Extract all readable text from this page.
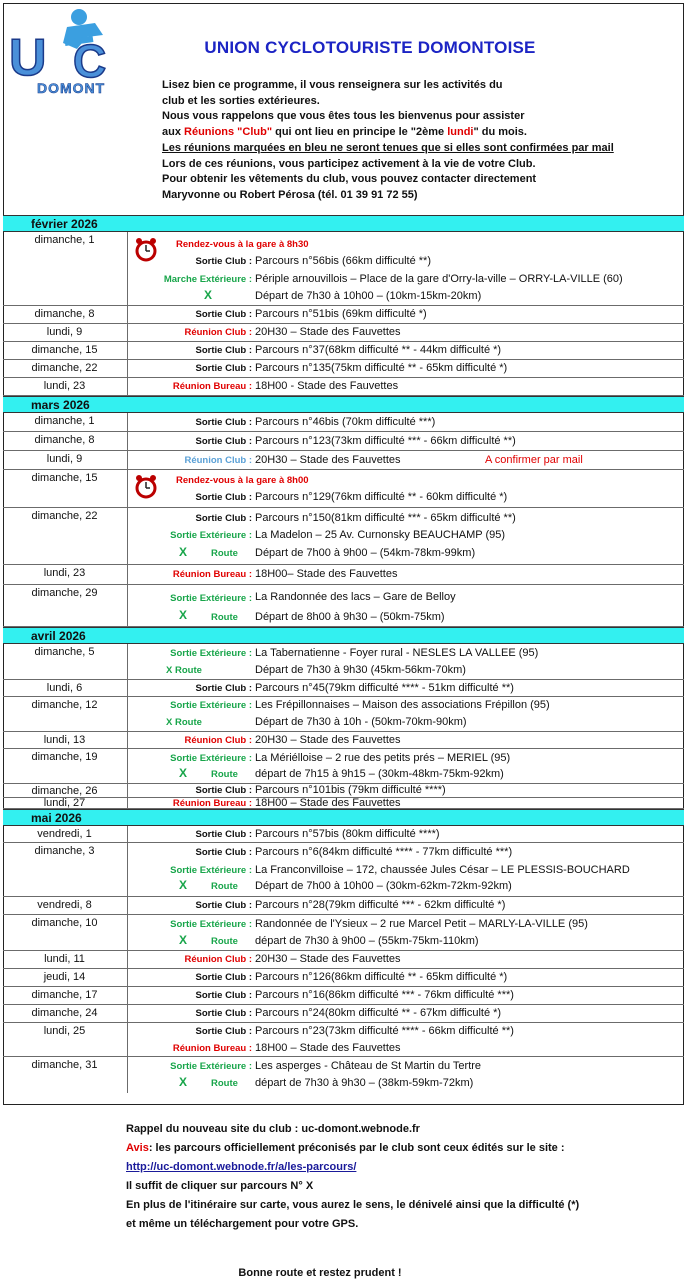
U C
DOMONT
UNION CYCLOTOURISTE DOMONTOISE
Lisez bien ce programme, il vous renseignera sur les activités du
club et les sorties extérieures.
Nous vous rappelons que vous êtes tous les bienvenus pour assister
aux Réunions "Club" qui ont lieu en principe le "2ème lundi" du mois.
Les réunions marquées en bleu ne seront tenues que si elles sont confirmées par mail
Lors de ces réunions, vous participez activement à la vie de votre Club.
Pour obtenir les vêtements du club, vous pouvez contacter directement
Maryvonne ou Robert Pérosa (tél. 01 39 91 72 55)
février 2026
dimanche, 1	Rendez-vous à la gare à 8h30
Sortie Club : Parcours n°56bis (66km difficulté **)
Marche Extérieure : Périple arnouvillois – Place de la gare d'Orry-la-ville – ORRY-LA-VILLE (60)
X	Départ de 7h30 à 10h00 – (10km-15km-20km)
dimanche, 8	Sortie Club : Parcours n°51bis (69km difficulté *)
lundi, 9	Réunion Club : 20H30 – Stade des Fauvettes
dimanche, 15	Sortie Club : Parcours n°37(68km difficulté ** - 44km difficulté *)
dimanche, 22	Sortie Club : Parcours n°135(75km difficulté ** - 65km difficulté *)
lundi, 23	Réunion Bureau : 18H00 - Stade des Fauvettes
mars 2026
dimanche, 1	Sortie Club : Parcours n°46bis (70km difficulté ***)
dimanche, 8	Sortie Club : Parcours n°123(73km difficulté *** - 66km difficulté **)
lundi, 9	Réunion Club : 20H30 – Stade des Fauvettes	A confirmer par mail
dimanche, 15	Rendez-vous à la gare à 8h00
Sortie Club : Parcours n°129(76km difficulté ** - 60km difficulté *)
dimanche, 22	Sortie Club : Parcours n°150(81km difficulté *** - 65km difficulté **)
Sortie Extérieure : La Madelon – 25 Av. Curnonsky BEAUCHAMP (95)
X	Route Départ de 7h00 à 9h00 – (54km-78km-99km)
lundi, 23	Réunion Bureau : 18H00– Stade des Fauvettes
dimanche, 29	Sortie Extérieure : La Randonnée des lacs – Gare de Belloy
X	Route Départ de 8h00 à 9h30 – (50km-75km)
avril 2026
dimanche, 5	Sortie Extérieure : La Tabernatienne - Foyer rural - NESLES LA VALLEE (95)
X Route	Départ de 7h30 à 9h30 (45km-56km-70km)
lundi, 6	Sortie Club : Parcours n°45(79km difficulté **** - 51km difficulté **)
dimanche, 12	Sortie Extérieure : Les Frépillonnaises – Maison des associations Frépillon (95)
X Route	Départ de 7h30 à 10h - (50km-70km-90km)
lundi, 13	Réunion Club : 20H30 – Stade des Fauvettes
dimanche, 19	Sortie Extérieure : La Mériélloise – 2 rue des petits prés – MERIEL (95)
X	Route départ de 7h15 à 9h15 – (30km-48km-75km-92km)
dimanche, 26	Sortie Club : Parcours n°101bis (79km difficulté ****)
lundi, 27	Réunion Bureau : 18H00 – Stade des Fauvettes
mai 2026
vendredi, 1	Sortie Club : Parcours n°57bis (80km difficulté ****)
dimanche, 3	Sortie Club : Parcours n°6(84km difficulté **** - 77km difficulté ***)
Sortie Extérieure : La Franconvilloise – 172, chaussée Jules César – LE PLESSIS-BOUCHARD
X	Route Départ de 7h00 à 10h00 – (30km-62km-72km-92km)
vendredi, 8	Sortie Club : Parcours n°28(79km difficulté *** - 62km difficulté *)
dimanche, 10	Sortie Extérieure : Randonnée de l'Ysieux – 2 rue Marcel Petit – MARLY-LA-VILLE (95)
X	Route départ de 7h30 à 9h00 – (55km-75km-110km)
lundi, 11	Réunion Club : 20H30 – Stade des Fauvettes
jeudi, 14	Sortie Club : Parcours n°126(86km difficulté ** - 65km difficulté *)
dimanche, 17	Sortie Club : Parcours n°16(86km difficulté *** - 76km difficulté ***)
dimanche, 24	Sortie Club : Parcours n°24(80km difficulté ** - 67km difficulté *)
lundi, 25	Sortie Club : Parcours n°23(73km difficulté **** - 66km difficulté **)
Réunion Bureau : 18H00 – Stade des Fauvettes
dimanche, 31	Sortie Extérieure : Les asperges - Château de St Martin du Tertre
X	Route départ de 7h30 à 9h30 – (38km-59km-72km)
Rappel du nouveau site du club : uc-domont.webnode.fr
Avis: les parcours officiellement préconisés par le club sont ceux édités sur le site :
http://uc-domont.webnode.fr/a/les-parcours/
Il suffit de cliquer sur parcours N° X
En plus de l'itinéraire sur carte, vous aurez le sens, le dénivelé ainsi que la difficulté (*)
et même un téléchargement pour votre GPS.
Bonne route et restez prudent !
